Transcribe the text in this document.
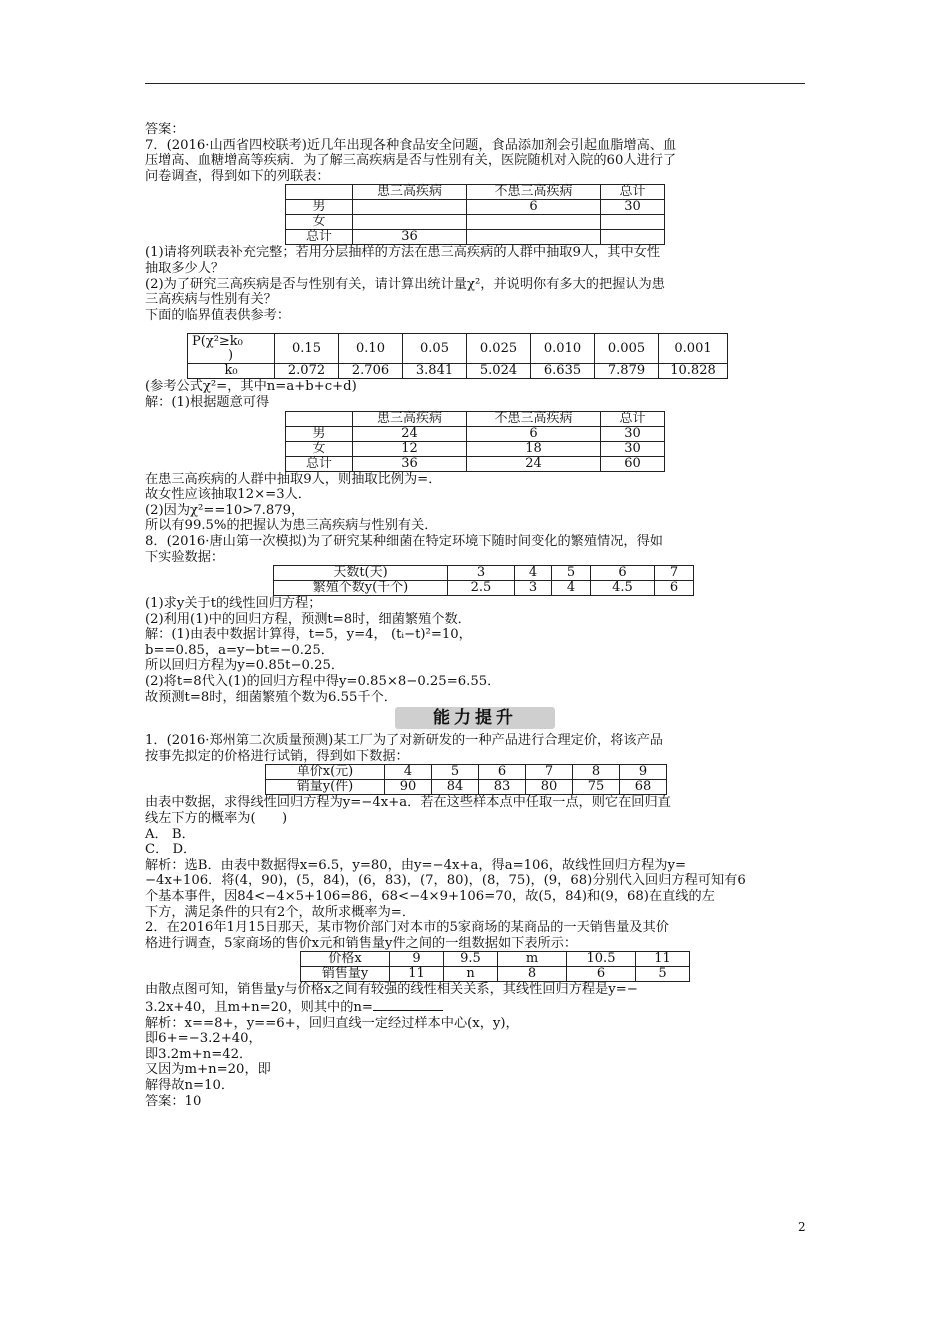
答案：

7．(2016·山西省四校联考)近几年出现各种食品安全问题，食品添加剂会引起血脂增高、血

压增高、血糖增高等疾病．为了解三高疾病是否与性别有关，医院随机对入院的60人进行了

问卷调查，得到如下的列联表：

	患三高疾病	不患三高疾病	总计
男		6	30
女			
总计	36		

(1)请将列联表补充完整；若用分层抽样的方法在患三高疾病的人群中抽取9人，其中女性

抽取多少人？

(2)为了研究三高疾病是否与性别有关，请计算出统计量χ²，并说明你有多大的把握认为患

三高疾病与性别有关？

下面的临界值表供参考：

P(χ²≥k₀
)	0.15	0.10	0.05	0.025	0.010	0.005	0.001
k₀	2.072	2.706	3.841	5.024	6.635	7.879	10.828

(参考公式χ²=，其中n=a+b+c+d)

解：(1)根据题意可得

	患三高疾病	不患三高疾病	总计
男	24	6	30
女	12	18	30
总计	36	24	60

在患三高疾病的人群中抽取9人，则抽取比例为=．

故女性应该抽取12×=3人．

(2)因为χ²==10>7.879，

所以有99.5%的把握认为患三高疾病与性别有关．

8．(2016·唐山第一次模拟)为了研究某种细菌在特定环境下随时间变化的繁殖情况，得如

下实验数据：

天数t(天)	3	4	5	6	7
繁殖个数y(千个)	2.5	3	4	4.5	6

(1)求y关于t的线性回归方程；

(2)利用(1)中的回归方程，预测t=8时，细菌繁殖个数．

解：(1)由表中数据计算得，t=5，y=4， (tᵢ−t)²=10，

b==0.85，a=y−bt=−0.25．

所以回归方程为y=0.85t−0.25．

(2)将t=8代入(1)的回归方程中得y=0.85×8−0.25=6.55．

故预测t=8时，细菌繁殖个数为6.55千个．

能力提升

1．(2016·郑州第二次质量预测)某工厂为了对新研发的一种产品进行合理定价，将该产品

按事先拟定的价格进行试销，得到如下数据：

单价x(元)	4	5	6	7	8	9
销量y(件)	90	84	83	80	75	68

由表中数据，求得线性回归方程为y=−4x+a．若在这些样本点中任取一点，则它在回归直

线左下方的概率为(　　)

A． B．

C． D．

解析：选B．由表中数据得x=6.5，y=80，由y=−4x+a，得a=106，故线性回归方程为y=

−4x+106．将(4，90)，(5，84)，(6，83)，(7，80)，(8，75)，(9，68)分别代入回归方程可知有6

个基本事件，因84<−4×5+106=86，68<−4×9+106=70，故(5，84)和(9，68)在直线的左

下方，满足条件的只有2个，故所求概率为=．

2．在2016年1月15日那天，某市物价部门对本市的5家商场的某商品的一天销售量及其价

格进行调查，5家商场的售价x元和销售量y件之间的一组数据如下表所示：

价格x	9	9.5	m	10.5	11
销售量y	11	n	8	6	5

由散点图可知，销售量y与价格x之间有较强的线性相关关系，其线性回归方程是y=−

3.2x+40，且m+n=20，则其中的n=

解析：x==8+，y==6+，回归直线一定经过样本中心(x，y)，

即6+=−3.2+40，

即3.2m+n=42．

又因为m+n=20，即

解得故n=10．

答案：10

2
